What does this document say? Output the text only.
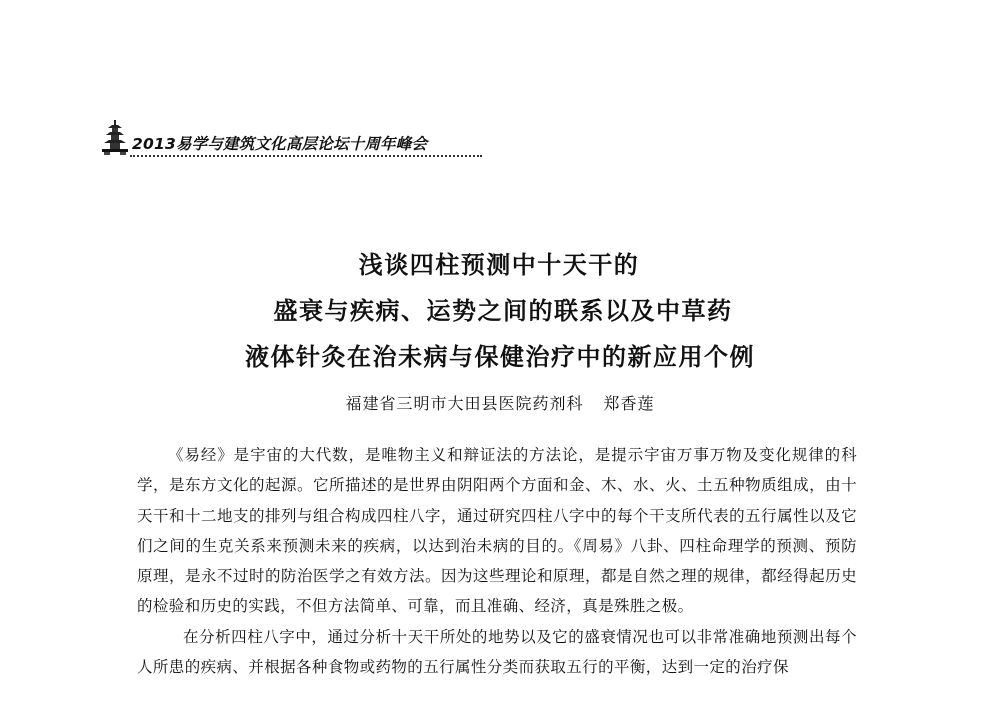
2013易学与建筑文化高层论坛十周年峰会
浅谈四柱预测中十天干的
盛衰与疾病、运势之间的联系以及中草药
液体针灸在治未病与保健治疗中的新应用个例
福建省三明市大田县医院药剂科 郑香莲

《易经》是宇宙的大代数，是唯物主义和辩证法的方法论，是提示宇宙万事万物及变化规律的科学，是东方文化的起源。它所描述的是世界由阴阳两个方面和金、木、水、火、土五种物质组成，由十天干和十二地支的排列与组合构成四柱八字，通过研究四柱八字中的每个干支所代表的五行属性以及它们之间的生克关系来预测未来的疾病，以达到治未病的目的。《周易》八卦、四柱命理学的预测、预防原理，是永不过时的防治医学之有效方法。因为这些理论和原理，都是自然之理的规律，都经得起历史的检验和历史的实践，不但方法简单、可靠，而且准确、经济，真是殊胜之极。

在分析四柱八字中，通过分析十天干所处的地势以及它的盛衰情况也可以非常准确地预测出每个人所患的疾病、并根据各种食物或药物的五行属性分类而获取五行的平衡，达到一定的治疗保
